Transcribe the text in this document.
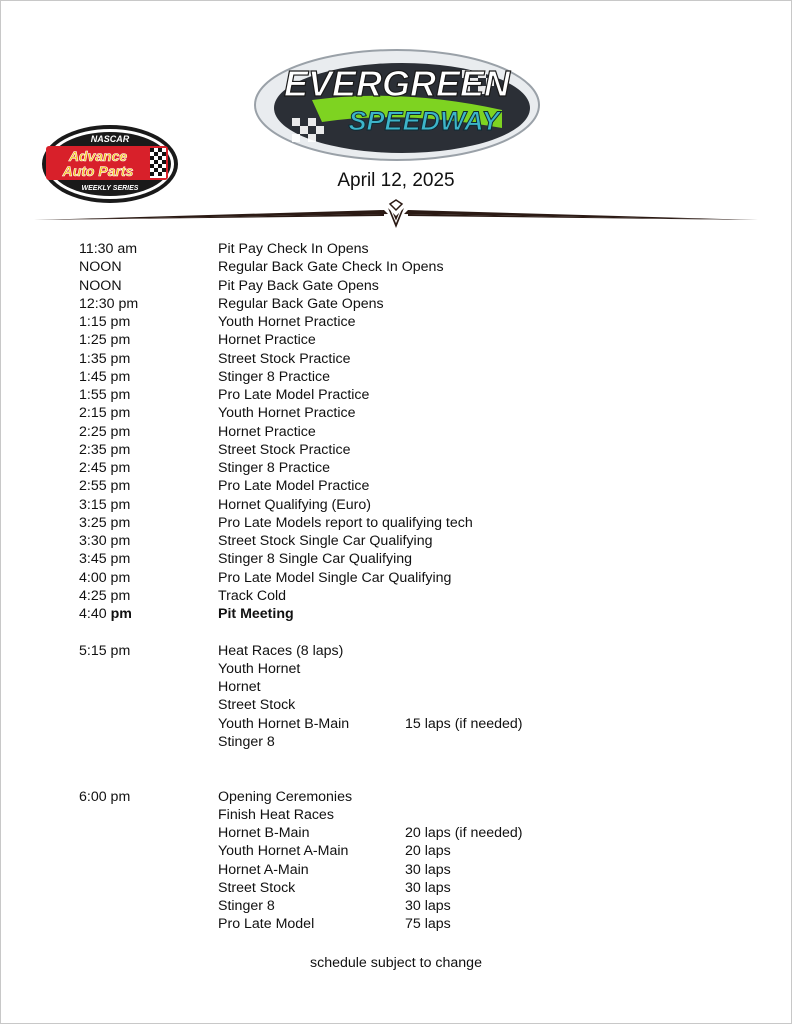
NASCAR
Advance
Auto Parts
WEEKLY SERIES
EVERGREEN
SPEEDWAY
April 12, 2025
11:30 am	Pit Pay Check In Opens
NOON	Regular Back Gate Check In Opens
NOON	Pit Pay Back Gate Opens
12:30 pm	Regular Back Gate Opens
1:15 pm	Youth Hornet Practice
1:25 pm	Hornet Practice
1:35 pm	Street Stock Practice
1:45 pm	Stinger 8 Practice
1:55 pm	Pro Late Model Practice
2:15 pm	Youth Hornet Practice
2:25 pm	Hornet Practice
2:35 pm	Street Stock Practice
2:45 pm	Stinger 8 Practice
2:55 pm	Pro Late Model Practice
3:15 pm	Hornet Qualifying (Euro)
3:25 pm	Pro Late Models report to qualifying tech
3:30 pm	Street Stock Single Car Qualifying
3:45 pm	Stinger 8 Single Car Qualifying
4:00 pm	Pro Late Model Single Car Qualifying
4:25 pm	Track Cold
4:40 pm	Pit Meeting
5:15 pm	Heat Races (8 laps)
Youth Hornet
Hornet
Street Stock
Youth Hornet B-Main	15 laps (if needed)
Stinger 8
6:00 pm	Opening Ceremonies
Finish Heat Races
Hornet B-Main	20 laps (if needed)
Youth Hornet A-Main	20 laps
Hornet A-Main	30 laps
Street Stock	30 laps
Stinger 8	30 laps
Pro Late Model	75 laps
schedule subject to change
